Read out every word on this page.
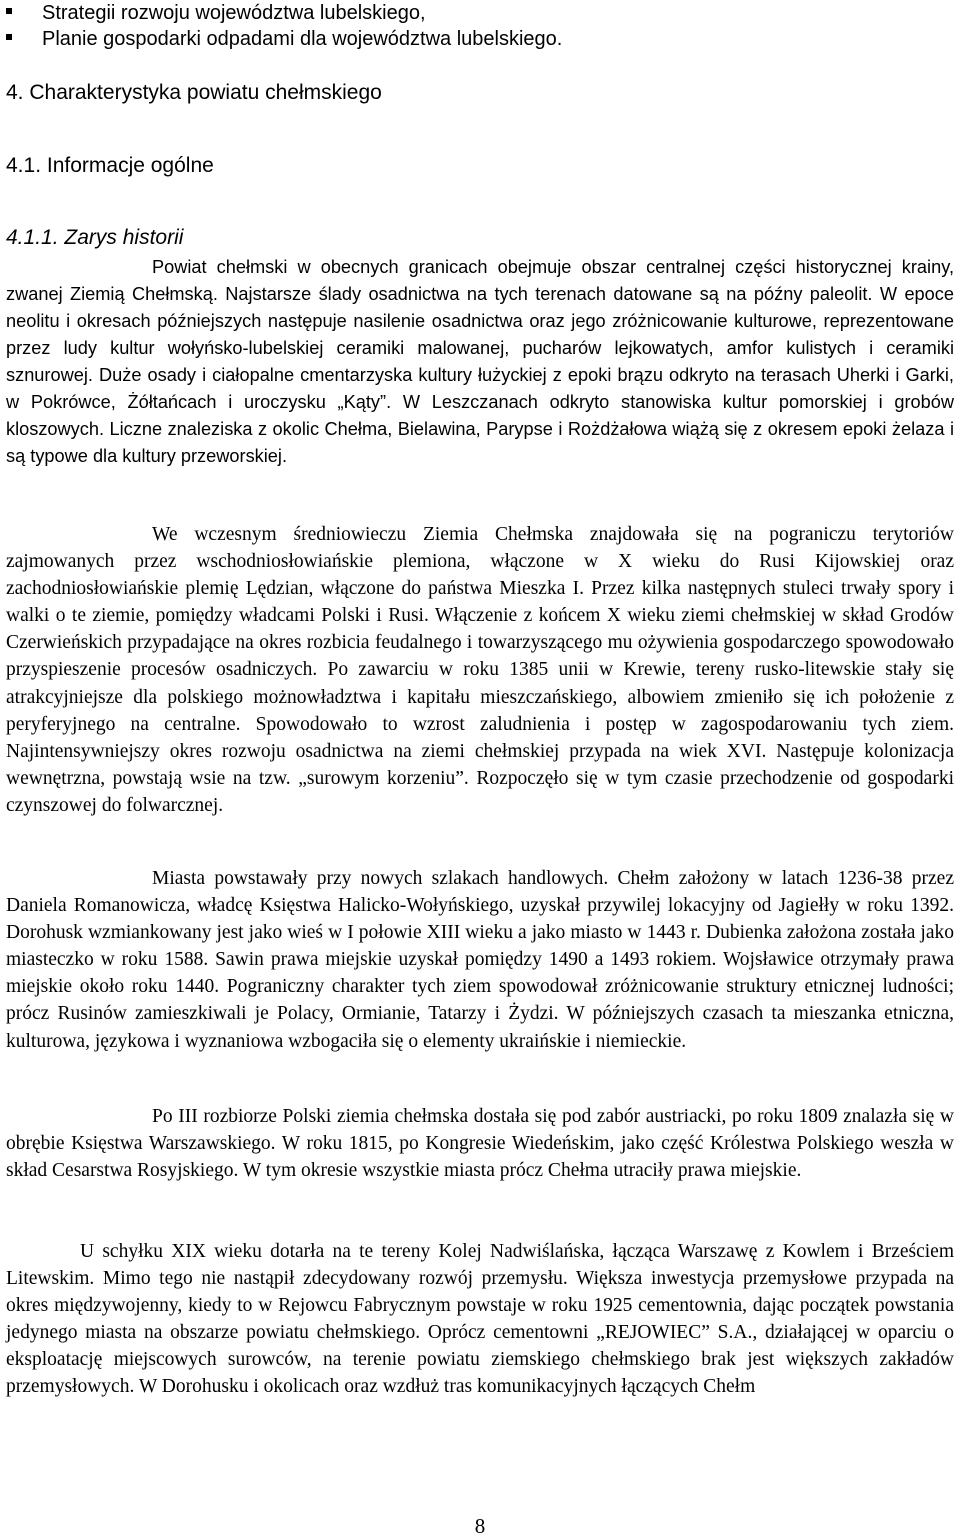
Strategii rozwoju województwa lubelskiego,
Planie gospodarki odpadami dla województwa lubelskiego.
4. Charakterystyka powiatu chełmskiego
4.1. Informacje ogólne
4.1.1. Zarys historii

Powiat chełmski w obecnych granicach obejmuje obszar centralnej części historycznej krainy, zwanej Ziemią Chełmską. Najstarsze ślady osadnictwa na tych terenach datowane są na późny paleolit. W epoce neolitu i okresach późniejszych następuje nasilenie osadnictwa oraz jego zróżnicowanie kulturowe, reprezentowane przez ludy kultur wołyńsko-lubelskiej ceramiki malowanej, pucharów lejkowatych, amfor kulistych i ceramiki sznurowej. Duże osady i ciałopalne cmentarzyska kultury łużyckiej z epoki brązu odkryto na terasach Uherki i Garki, w Pokrówce, Żółtańcach i uroczysku „Kąty”. W Leszczanach odkryto stanowiska kultur pomorskiej i grobów kloszowych. Liczne znaleziska z okolic Chełma, Bielawina, Parypse i Rożdżałowa wiążą się z okresem epoki żelaza i są typowe dla kultury przeworskiej.

We wczesnym średniowieczu Ziemia Chełmska znajdowała się na pograniczu terytoriów zajmowanych przez wschodniosłowiańskie plemiona, włączone w X wieku do Rusi Kijowskiej oraz zachodniosłowiańskie plemię Lędzian, włączone do państwa Mieszka I. Przez kilka następnych stuleci trwały spory i walki o te ziemie, pomiędzy władcami Polski i Rusi. Włączenie z końcem X wieku ziemi chełmskiej w skład Grodów Czerwieńskich przypadające na okres rozbicia feudalnego i towarzyszącego mu ożywienia gospodarczego spowodowało przyspieszenie procesów osadniczych. Po zawarciu w roku 1385 unii w Krewie, tereny rusko-litewskie stały się atrakcyjniejsze dla polskiego możnowładztwa i kapitału mieszczańskiego, albowiem zmieniło się ich położenie z peryferyjnego na centralne. Spowodowało to wzrost zaludnienia i postęp w zagospodarowaniu tych ziem. Najintensywniejszy okres rozwoju osadnictwa na ziemi chełmskiej przypada na wiek XVI. Następuje kolonizacja wewnętrzna, powstają wsie na tzw. „surowym korzeniu”. Rozpoczęło się w tym czasie przechodzenie od gospodarki czynszowej do folwarcznej.

Miasta powstawały przy nowych szlakach handlowych. Chełm założony w latach 1236-38 przez Daniela Romanowicza, władcę Księstwa Halicko-Wołyńskiego, uzyskał przywilej lokacyjny od Jagiełły w roku 1392. Dorohusk wzmiankowany jest jako wieś w I połowie XIII wieku a jako miasto w 1443 r. Dubienka założona została jako miasteczko w roku 1588. Sawin prawa miejskie uzyskał pomiędzy 1490 a 1493 rokiem. Wojsławice otrzymały prawa miejskie około roku 1440. Pograniczny charakter tych ziem spowodował zróżnicowanie struktury etnicznej ludności; prócz Rusinów zamieszkiwali je Polacy, Ormianie, Tatarzy i Żydzi. W późniejszych czasach ta mieszanka etniczna, kulturowa, językowa i wyznaniowa wzbogaciła się o elementy ukraińskie i niemieckie.

Po III rozbiorze Polski ziemia chełmska dostała się pod zabór austriacki, po roku 1809 znalazła się w obrębie Księstwa Warszawskiego. W roku 1815, po Kongresie Wiedeńskim, jako część Królestwa Polskiego weszła w skład Cesarstwa Rosyjskiego. W tym okresie wszystkie miasta prócz Chełma utraciły prawa miejskie.

U schyłku XIX wieku dotarła na te tereny Kolej Nadwiślańska, łącząca Warszawę z Kowlem i Brześciem Litewskim. Mimo tego nie nastąpił zdecydowany rozwój przemysłu. Większa inwestycja przemysłowe przypada na okres międzywojenny, kiedy to w Rejowcu Fabrycznym powstaje w roku 1925 cementownia, dając początek powstania jedynego miasta na obszarze powiatu chełmskiego. Oprócz cementowni „REJOWIEC” S.A., działającej w oparciu o eksploatację miejscowych surowców, na terenie powiatu ziemskiego chełmskiego brak jest większych zakładów przemysłowych. W Dorohusku i okolicach oraz wzdłuż tras komunikacyjnych łączących Chełm

8
